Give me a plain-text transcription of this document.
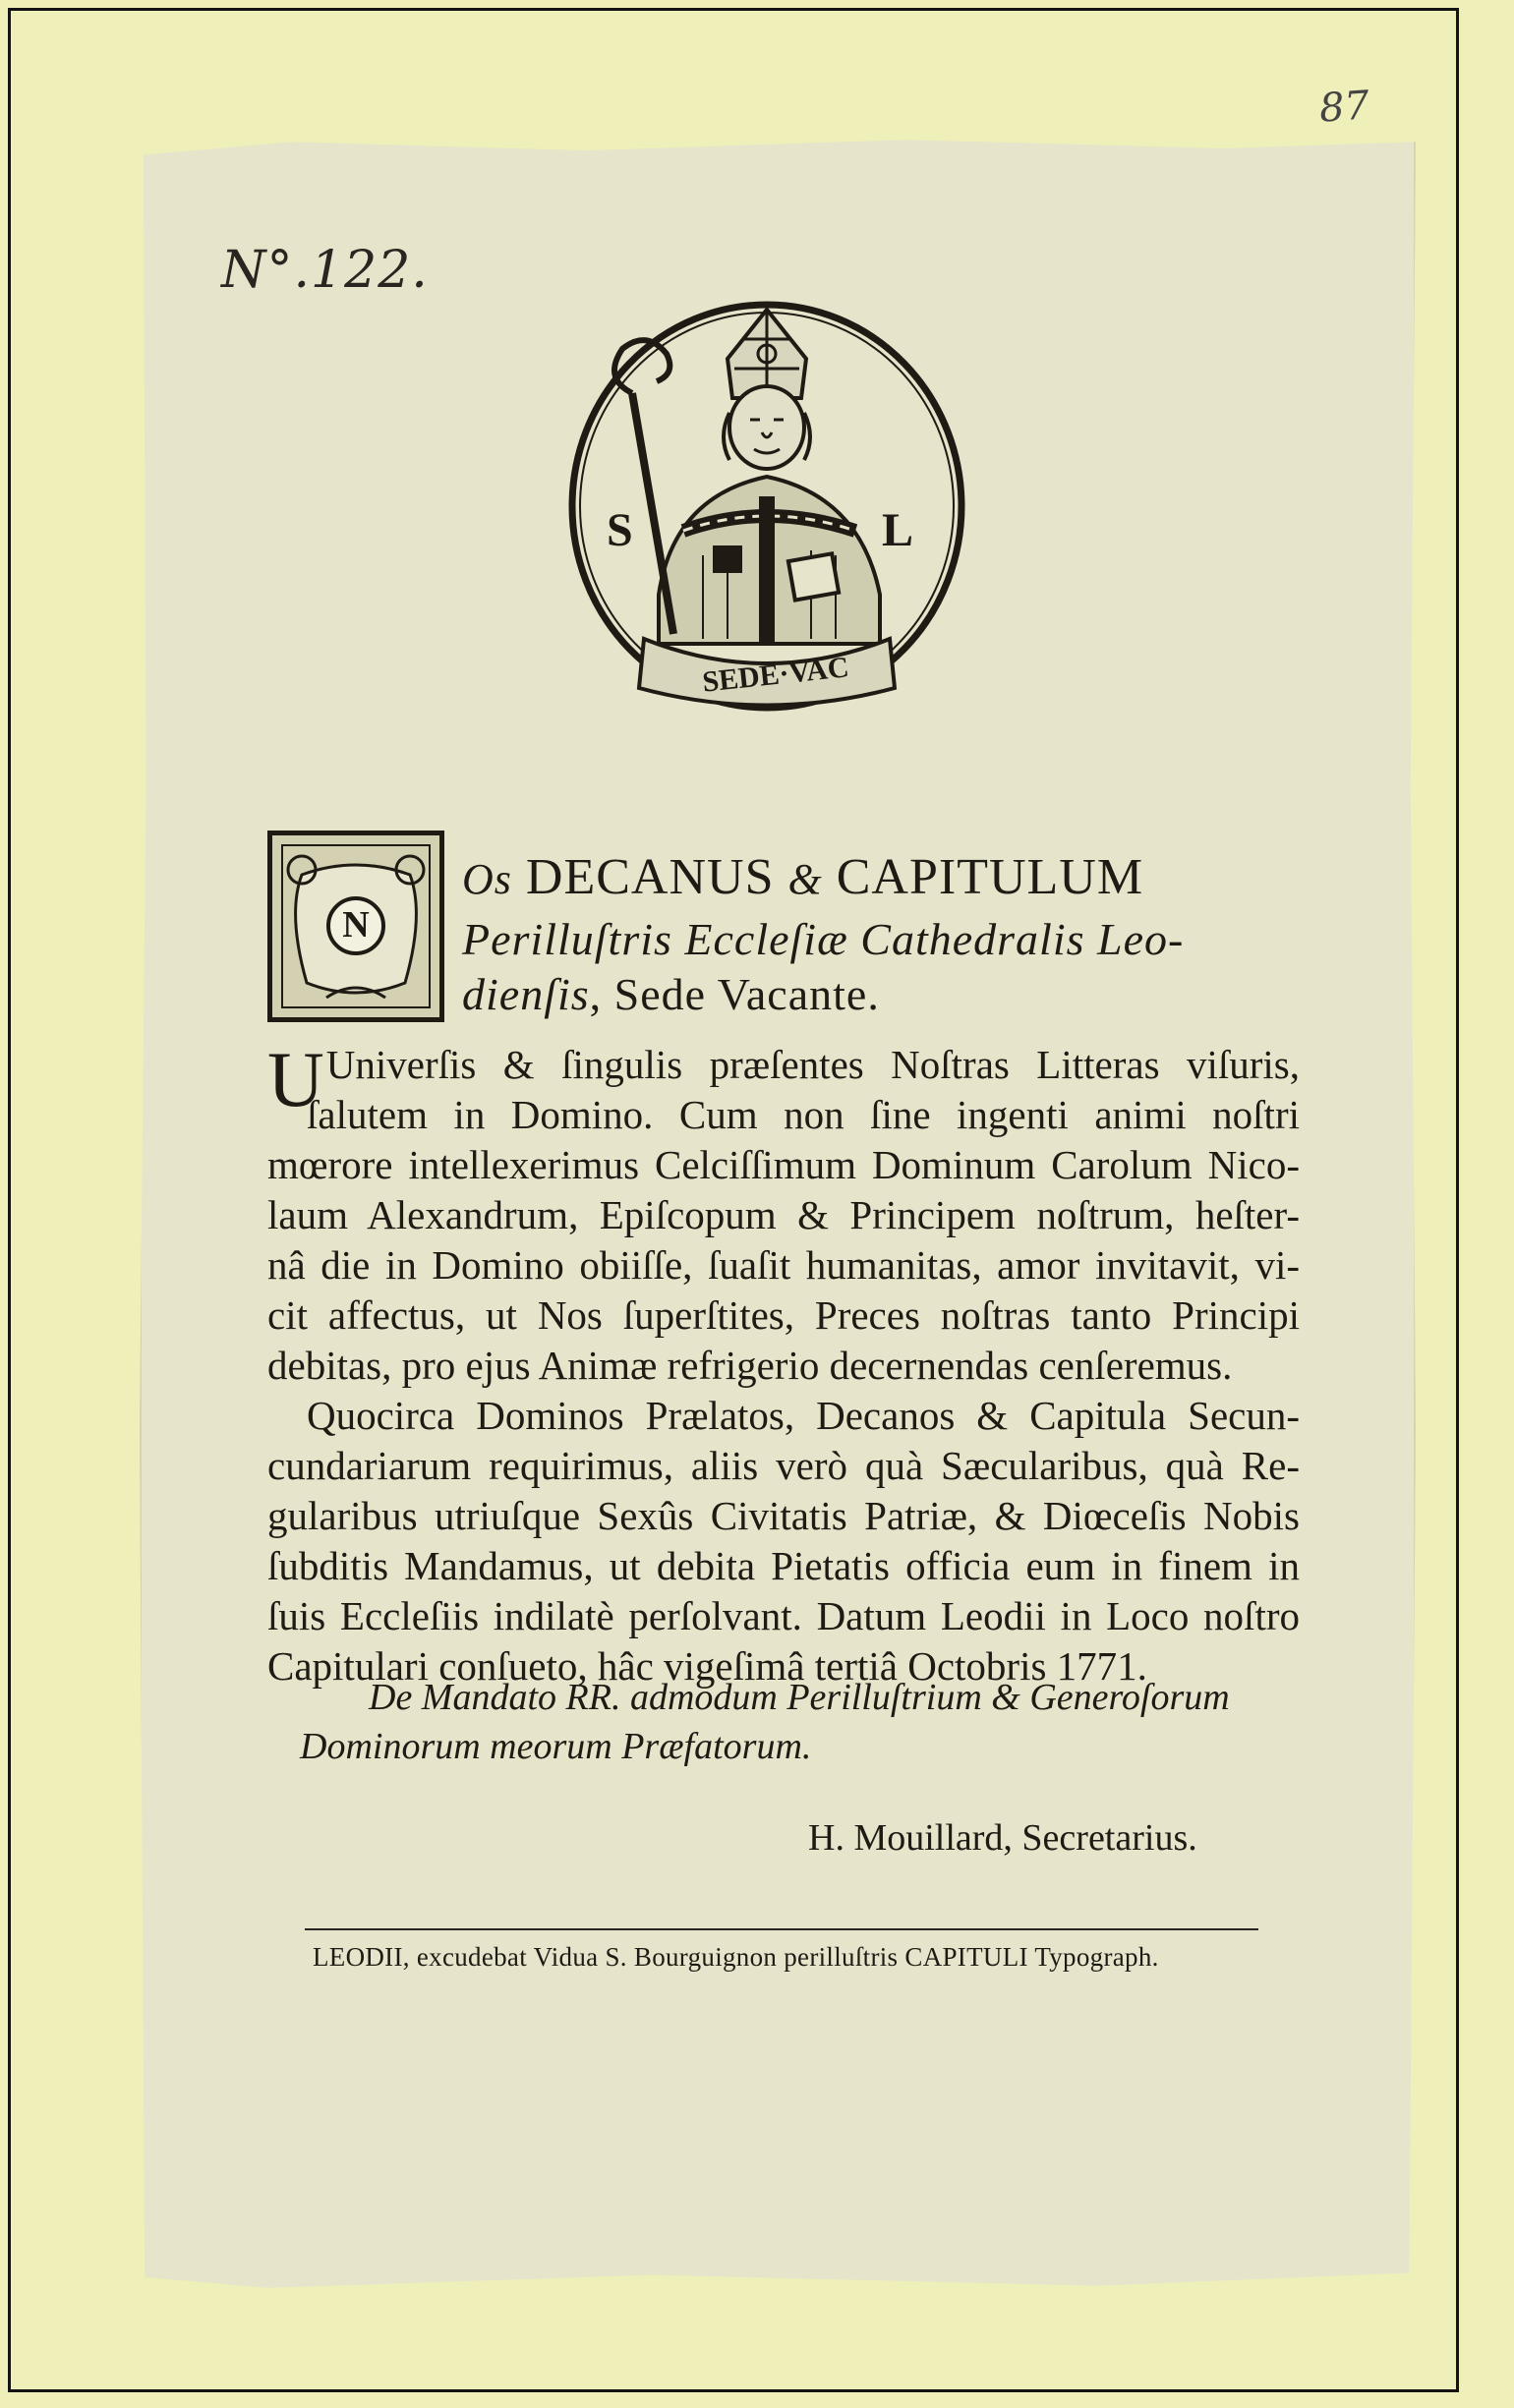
87
N°.122.
S	L
SEDE·VAC
N
Os DECANUS & CAPITULUM
Perilluſtris Eccleſiæ Cathedralis Leo-
dienſis, Sede Vacante.
UUniverſis & ſingulis præſentes Noſtras Litteras viſuris,
ſalutem in Domino. Cum non ſine ingenti animi noſtri
mœrore intellexerimus Celciſſimum Dominum Carolum Nico-
laum Alexandrum, Epiſcopum & Principem noſtrum, heſter-
nâ die in Domino obiiſſe, ſuaſit humanitas, amor invitavit, vi-
cit affectus, ut Nos ſuperſtites, Preces noſtras tanto Principi
debitas, pro ejus Animæ refrigerio decernendas cenſeremus.
Quocirca Dominos Prælatos, Decanos & Capitula Secun-
cundariarum requirimus, aliis verò quà Sæcularibus, quà Re-
gularibus utriuſque Sexûs Civitatis Patriæ, & Diœceſis Nobis
ſubditis Mandamus, ut debita Pietatis officia eum in finem in
ſuis Eccleſiis indilatè perſolvant. Datum Leodii in Loco noſtro
Capitulari conſueto, hâc vigeſimâ tertiâ Octobris 1771.
De Mandato RR. admodum Perilluſtrium & Generoſorum
Dominorum meorum Præfatorum.
H. Mouillard, Secretarius.
LEODII, excudebat Vidua S. Bourguignon perilluſtris CAPITULI Typograph.
